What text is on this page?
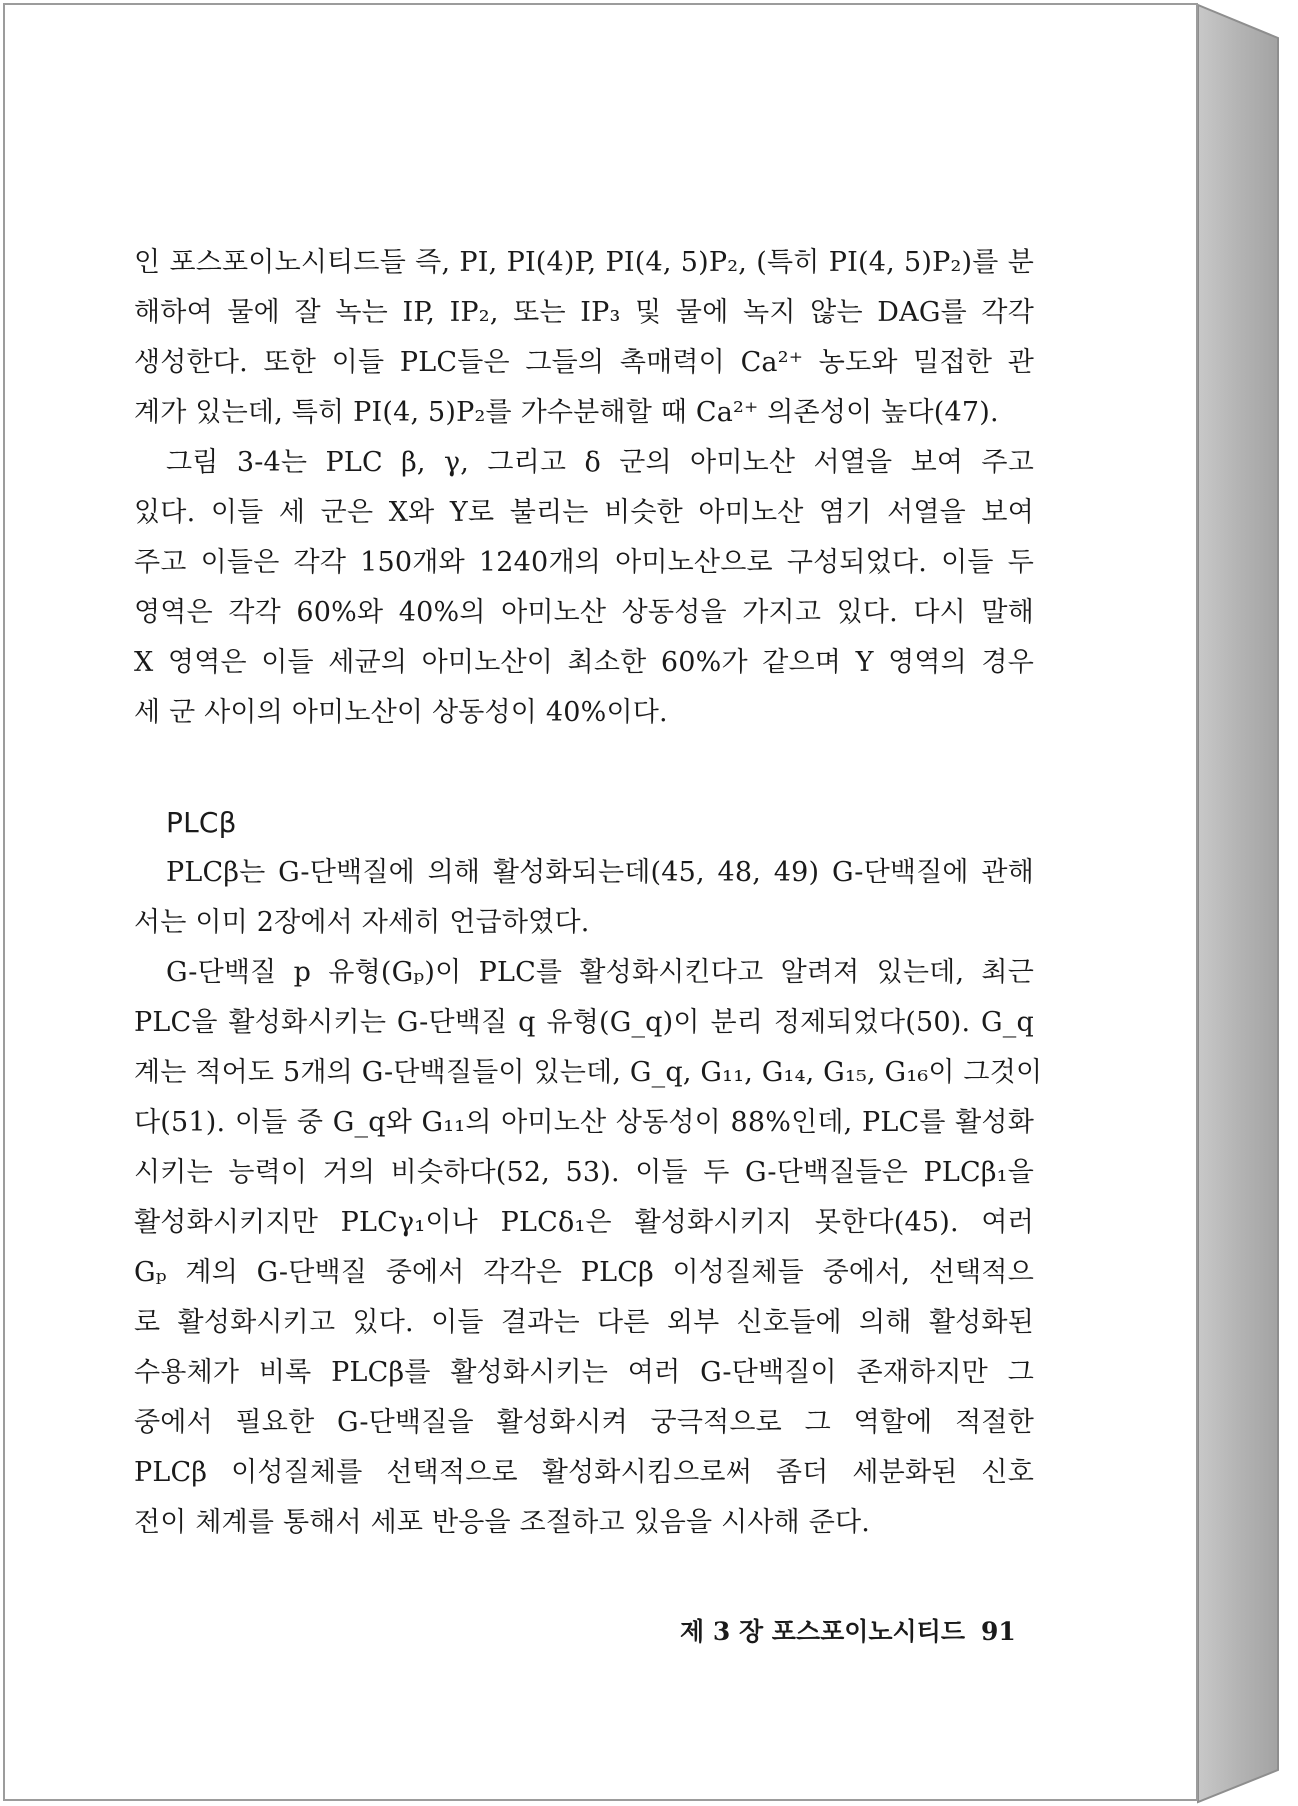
인 포스포이노시티드들 즉, PI, PI(4)P, PI(4, 5)P₂, (특히 PI(4, 5)P₂)를 분
해하여 물에 잘 녹는 IP, IP₂, 또는 IP₃ 및 물에 녹지 않는 DAG를 각각
생성한다. 또한 이들 PLC들은 그들의 촉매력이 Ca²⁺ 농도와 밀접한 관
계가 있는데, 특히 PI(4, 5)P₂를 가수분해할 때 Ca²⁺ 의존성이 높다(47).
그림 3-4는 PLC β, γ, 그리고 δ 군의 아미노산 서열을 보여 주고
있다. 이들 세 군은 X와 Y로 불리는 비슷한 아미노산 염기 서열을 보여
주고 이들은 각각 150개와 1240개의 아미노산으로 구성되었다. 이들 두
영역은 각각 60%와 40%의 아미노산 상동성을 가지고 있다. 다시 말해
X 영역은 이들 세균의 아미노산이 최소한 60%가 같으며 Y 영역의 경우
세 군 사이의 아미노산이 상동성이 40%이다.

PLCβ

PLCβ는 G-단백질에 의해 활성화되는데(45, 48, 49) G-단백질에 관해
서는 이미 2장에서 자세히 언급하였다.
G-단백질 p 유형(Gₚ)이 PLC를 활성화시킨다고 알려져 있는데, 최근
PLC을 활성화시키는 G-단백질 q 유형(G_q)이 분리 정제되었다(50). G_q
계는 적어도 5개의 G-단백질들이 있는데, G_q, G₁₁, G₁₄, G₁₅, G₁₆이 그것이
다(51). 이들 중 G_q와 G₁₁의 아미노산 상동성이 88%인데, PLC를 활성화
시키는 능력이 거의 비슷하다(52, 53). 이들 두 G-단백질들은 PLCβ₁을
활성화시키지만 PLCγ₁이나 PLCδ₁은 활성화시키지 못한다(45). 여러
Gₚ 계의 G-단백질 중에서 각각은 PLCβ 이성질체들 중에서, 선택적으
로 활성화시키고 있다. 이들 결과는 다른 외부 신호들에 의해 활성화된
수용체가 비록 PLCβ를 활성화시키는 여러 G-단백질이 존재하지만 그
중에서 필요한 G-단백질을 활성화시켜 궁극적으로 그 역할에 적절한
PLCβ 이성질체를 선택적으로 활성화시킴으로써 좀더 세분화된 신호
전이 체계를 통해서 세포 반응을 조절하고 있음을 시사해 준다.
제 3 장 포스포이노시티드 91
